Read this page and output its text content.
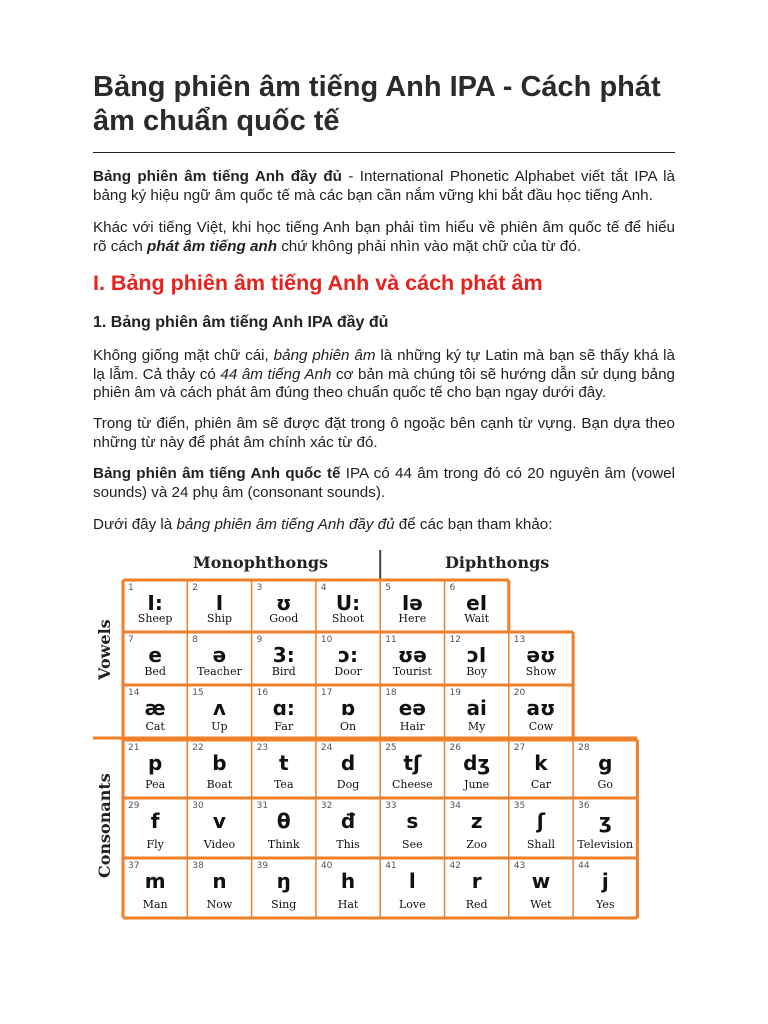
Bảng phiên âm tiếng Anh IPA - Cách phát âm chuẩn quốc tế

Bảng phiên âm tiếng Anh đầy đủ - International Phonetic Alphabet viết tắt IPA là bảng ký hiệu ngữ âm quốc tế mà các bạn cần nắm vững khi bắt đầu học tiếng Anh.

Khác với tiếng Việt, khi học tiếng Anh bạn phải tìm hiểu về phiên âm quốc tế để hiểu rõ cách phát âm tiếng anh chứ không phải nhìn vào mặt chữ của từ đó.

I. Bảng phiên âm tiếng Anh và cách phát âm
1. Bảng phiên âm tiếng Anh IPA đầy đủ

Không giống mặt chữ cái, bảng phiên âm là những ký tự Latin mà bạn sẽ thấy khá là lạ lẫm. Cả thảy có 44 âm tiếng Anh cơ bản mà chúng tôi sẽ hướng dẫn sử dụng bảng phiên âm và cách phát âm đúng theo chuẩn quốc tế cho bạn ngay dưới đây.

Trong từ điển, phiên âm sẽ được đặt trong ô ngoặc bên cạnh từ vựng. Bạn dựa theo những từ này để phát âm chính xác từ đó.

Bảng phiên âm tiếng Anh quốc tế IPA có 44 âm trong đó có 20 nguyên âm (vowel sounds) và 24 phụ âm (consonant sounds).

Dưới đây là bảng phiên âm tiếng Anh đầy đủ để các bạn tham khảo:

Monophthongs	Diphthongs
Vowels
Consonants
1
I:
Sheep
2
I
Ship
3
ʊ
Good
4
U:
Shoot
5
Iə
Here
6
eI
Wait
7
e
Bed
8
ə
Teacher
9
3:
Bird
10
ɔ:
Door
11
ʊə
Tourist
12
ɔI
Boy
13
əʊ
Show
14
æ
Cat
15
ʌ
Up
16
ɑ:
Far
17
ɒ
On
18
eə
Hair
19
ai
My
20
aʊ
Cow
21
p
Pea
22
b
Boat
23
t
Tea
24
d
Dog
25
tʃ
Cheese
26
dʒ
June
27
k
Car
28
g
Go
29
f
Fly
30
v
Video
31
θ
Think
32
đ
This
33
s
See
34
z
Zoo
35
ʃ
Shall
36
ʒ
Television
37
m
Man
38
n
Now
39
ŋ
Sing
40
h
Hat
41
l
Love
42
r
Red
43
w
Wet
44
j
Yes
